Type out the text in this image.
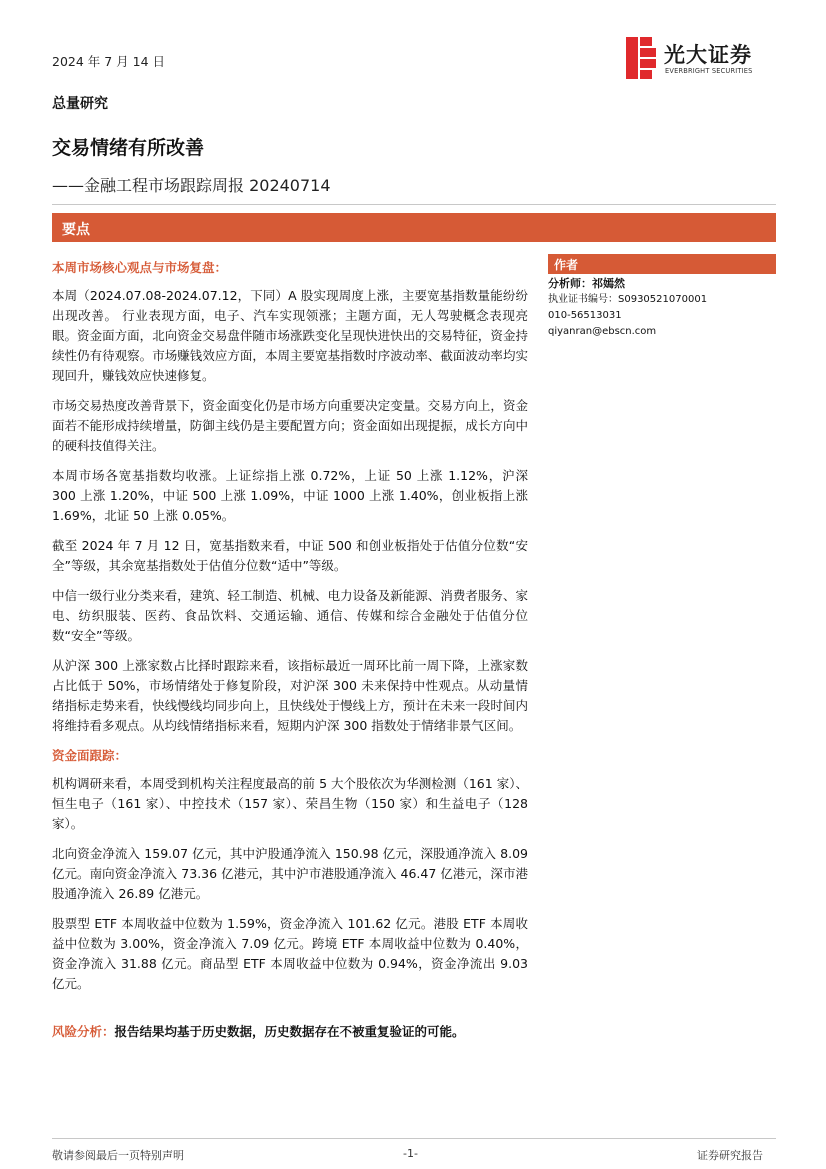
2024 年 7 月 14 日	光大证券
EVERBRIGHT SECURITIES
总量研究
交易情绪有所改善
——金融工程市场跟踪周报 20240714
要点
本周市场核心观点与市场复盘：

本周（2024.07.08-2024.07.12，下同）A 股实现周度上涨，主要宽基指数量能纷纷出现改善。 行业表现方面，电子、汽车实现领涨；主题方面，无人驾驶概念表现亮眼。资金面方面，北向资金交易盘伴随市场涨跌变化呈现快进快出的交易特征，资金持续性仍有待观察。市场赚钱效应方面，本周主要宽基指数时序波动率、截面波动率均实现回升，赚钱效应快速修复。

市场交易热度改善背景下，资金面变化仍是市场方向重要决定变量。交易方向上，资金面若不能形成持续增量，防御主线仍是主要配置方向；资金面如出现提振，成长方向中的硬科技值得关注。

本周市场各宽基指数均收涨。上证综指上涨 0.72%，上证 50 上涨 1.12%，沪深 300 上涨 1.20%，中证 500 上涨 1.09%，中证 1000 上涨 1.40%，创业板指上涨 1.69%，北证 50 上涨 0.05%。

截至 2024 年 7 月 12 日，宽基指数来看，中证 500 和创业板指处于估值分位数“安全”等级，其余宽基指数处于估值分位数“适中”等级。

中信一级行业分类来看，建筑、轻工制造、机械、电力设备及新能源、消费者服务、家电、纺织服装、医药、食品饮料、交通运输、通信、传媒和综合金融处于估值分位数“安全”等级。

从沪深 300 上涨家数占比择时跟踪来看，该指标最近一周环比前一周下降，上涨家数占比低于 50%，市场情绪处于修复阶段，对沪深 300 未来保持中性观点。从动量情绪指标走势来看，快线慢线均同步向上，且快线处于慢线上方，预计在未来一段时间内将维持看多观点。从均线情绪指标来看，短期内沪深 300 指数处于情绪非景气区间。

资金面跟踪：

机构调研来看，本周受到机构关注程度最高的前 5 大个股依次为华测检测（161 家）、恒生电子（161 家）、中控技术（157 家）、荣昌生物（150 家）和生益电子（128 家）。

北向资金净流入 159.07 亿元，其中沪股通净流入 150.98 亿元，深股通净流入 8.09 亿元。南向资金净流入 73.36 亿港元，其中沪市港股通净流入 46.47 亿港元，深市港股通净流入 26.89 亿港元。

股票型 ETF 本周收益中位数为 1.59%，资金净流入 101.62 亿元。港股 ETF 本周收益中位数为 3.00%，资金净流入 7.09 亿元。跨境 ETF 本周收益中位数为 0.40%，资金净流入 31.88 亿元。商品型 ETF 本周收益中位数为 0.94%，资金净流出 9.03 亿元。

风险分析：报告结果均基于历史数据，历史数据存在不被重复验证的可能。

作者
分析师：祁嫣然
执业证书编号：S0930521070001
010-56513031
qiyanran@ebscn.com
敬请参阅最后一页特别声明	-1-	证券研究报告
